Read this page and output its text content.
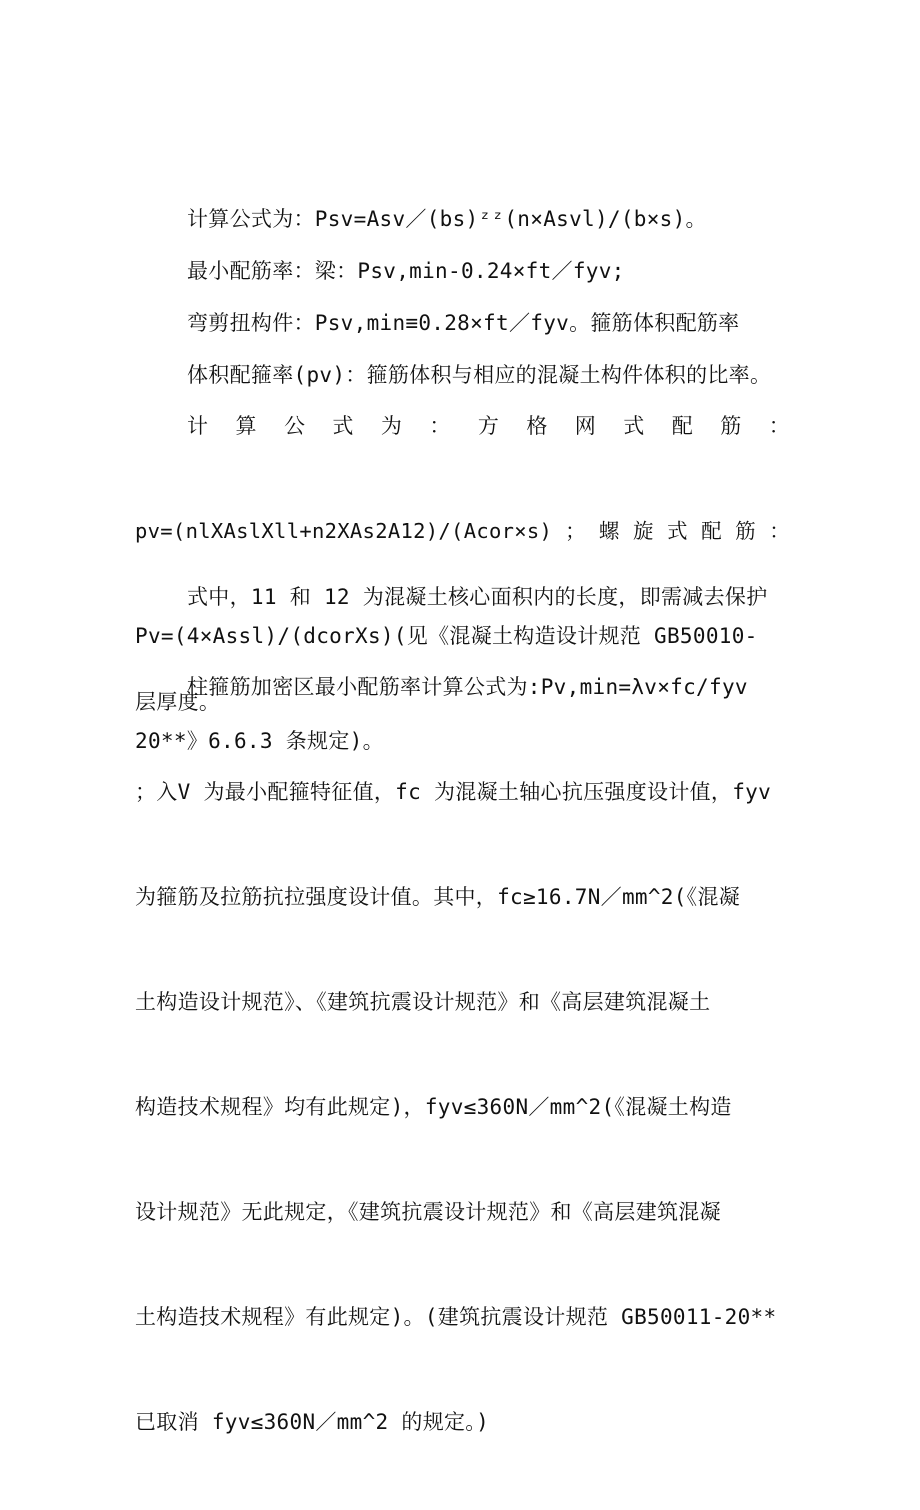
计算公式为：Psv=Asv／(bs)ᶻᶻ(n×Asvl)/(b×s)。

最小配筋率：梁：Psv,min-0.24×ft／fyv;

弯剪扭构件：Psv,min≡0.28×ft／fyv。箍筋体积配筋率

体积配箍率(pv)：箍筋体积与相应的混凝土构件体积的比率。

计 算 公 式 为 ： 方 格 网 式 配 筋 ：

pv=(nlXAslXll+n2XAs2A12)/(Acor×s) ； 螺 旋 式 配 筋 ：

Pv=(4×Assl)/(dcorXs)(见《混凝土构造设计规范 GB50010-

20**》6.6.3 条规定)。

式中，11 和 12 为混凝土核心面积内的长度，即需减去保护

层厚度。

柱箍筋加密区最小配筋率计算公式为:Pv,min=λv×fc/fyv

；入V 为最小配箍特征值，fc 为混凝土轴心抗压强度设计值，fyv

为箍筋及拉筋抗拉强度设计值。其中，fc≥16.7N／mm^2(《混凝

土构造设计规范》、《建筑抗震设计规范》和《高层建筑混凝土

构造技术规程》均有此规定)，fyv≤360N／mm^2(《混凝土构造

设计规范》无此规定，《建筑抗震设计规范》和《高层建筑混凝

土构造技术规程》有此规定)。(建筑抗震设计规范 GB50011-20**

已取消 fyv≤360N／mm^2 的规定。)
